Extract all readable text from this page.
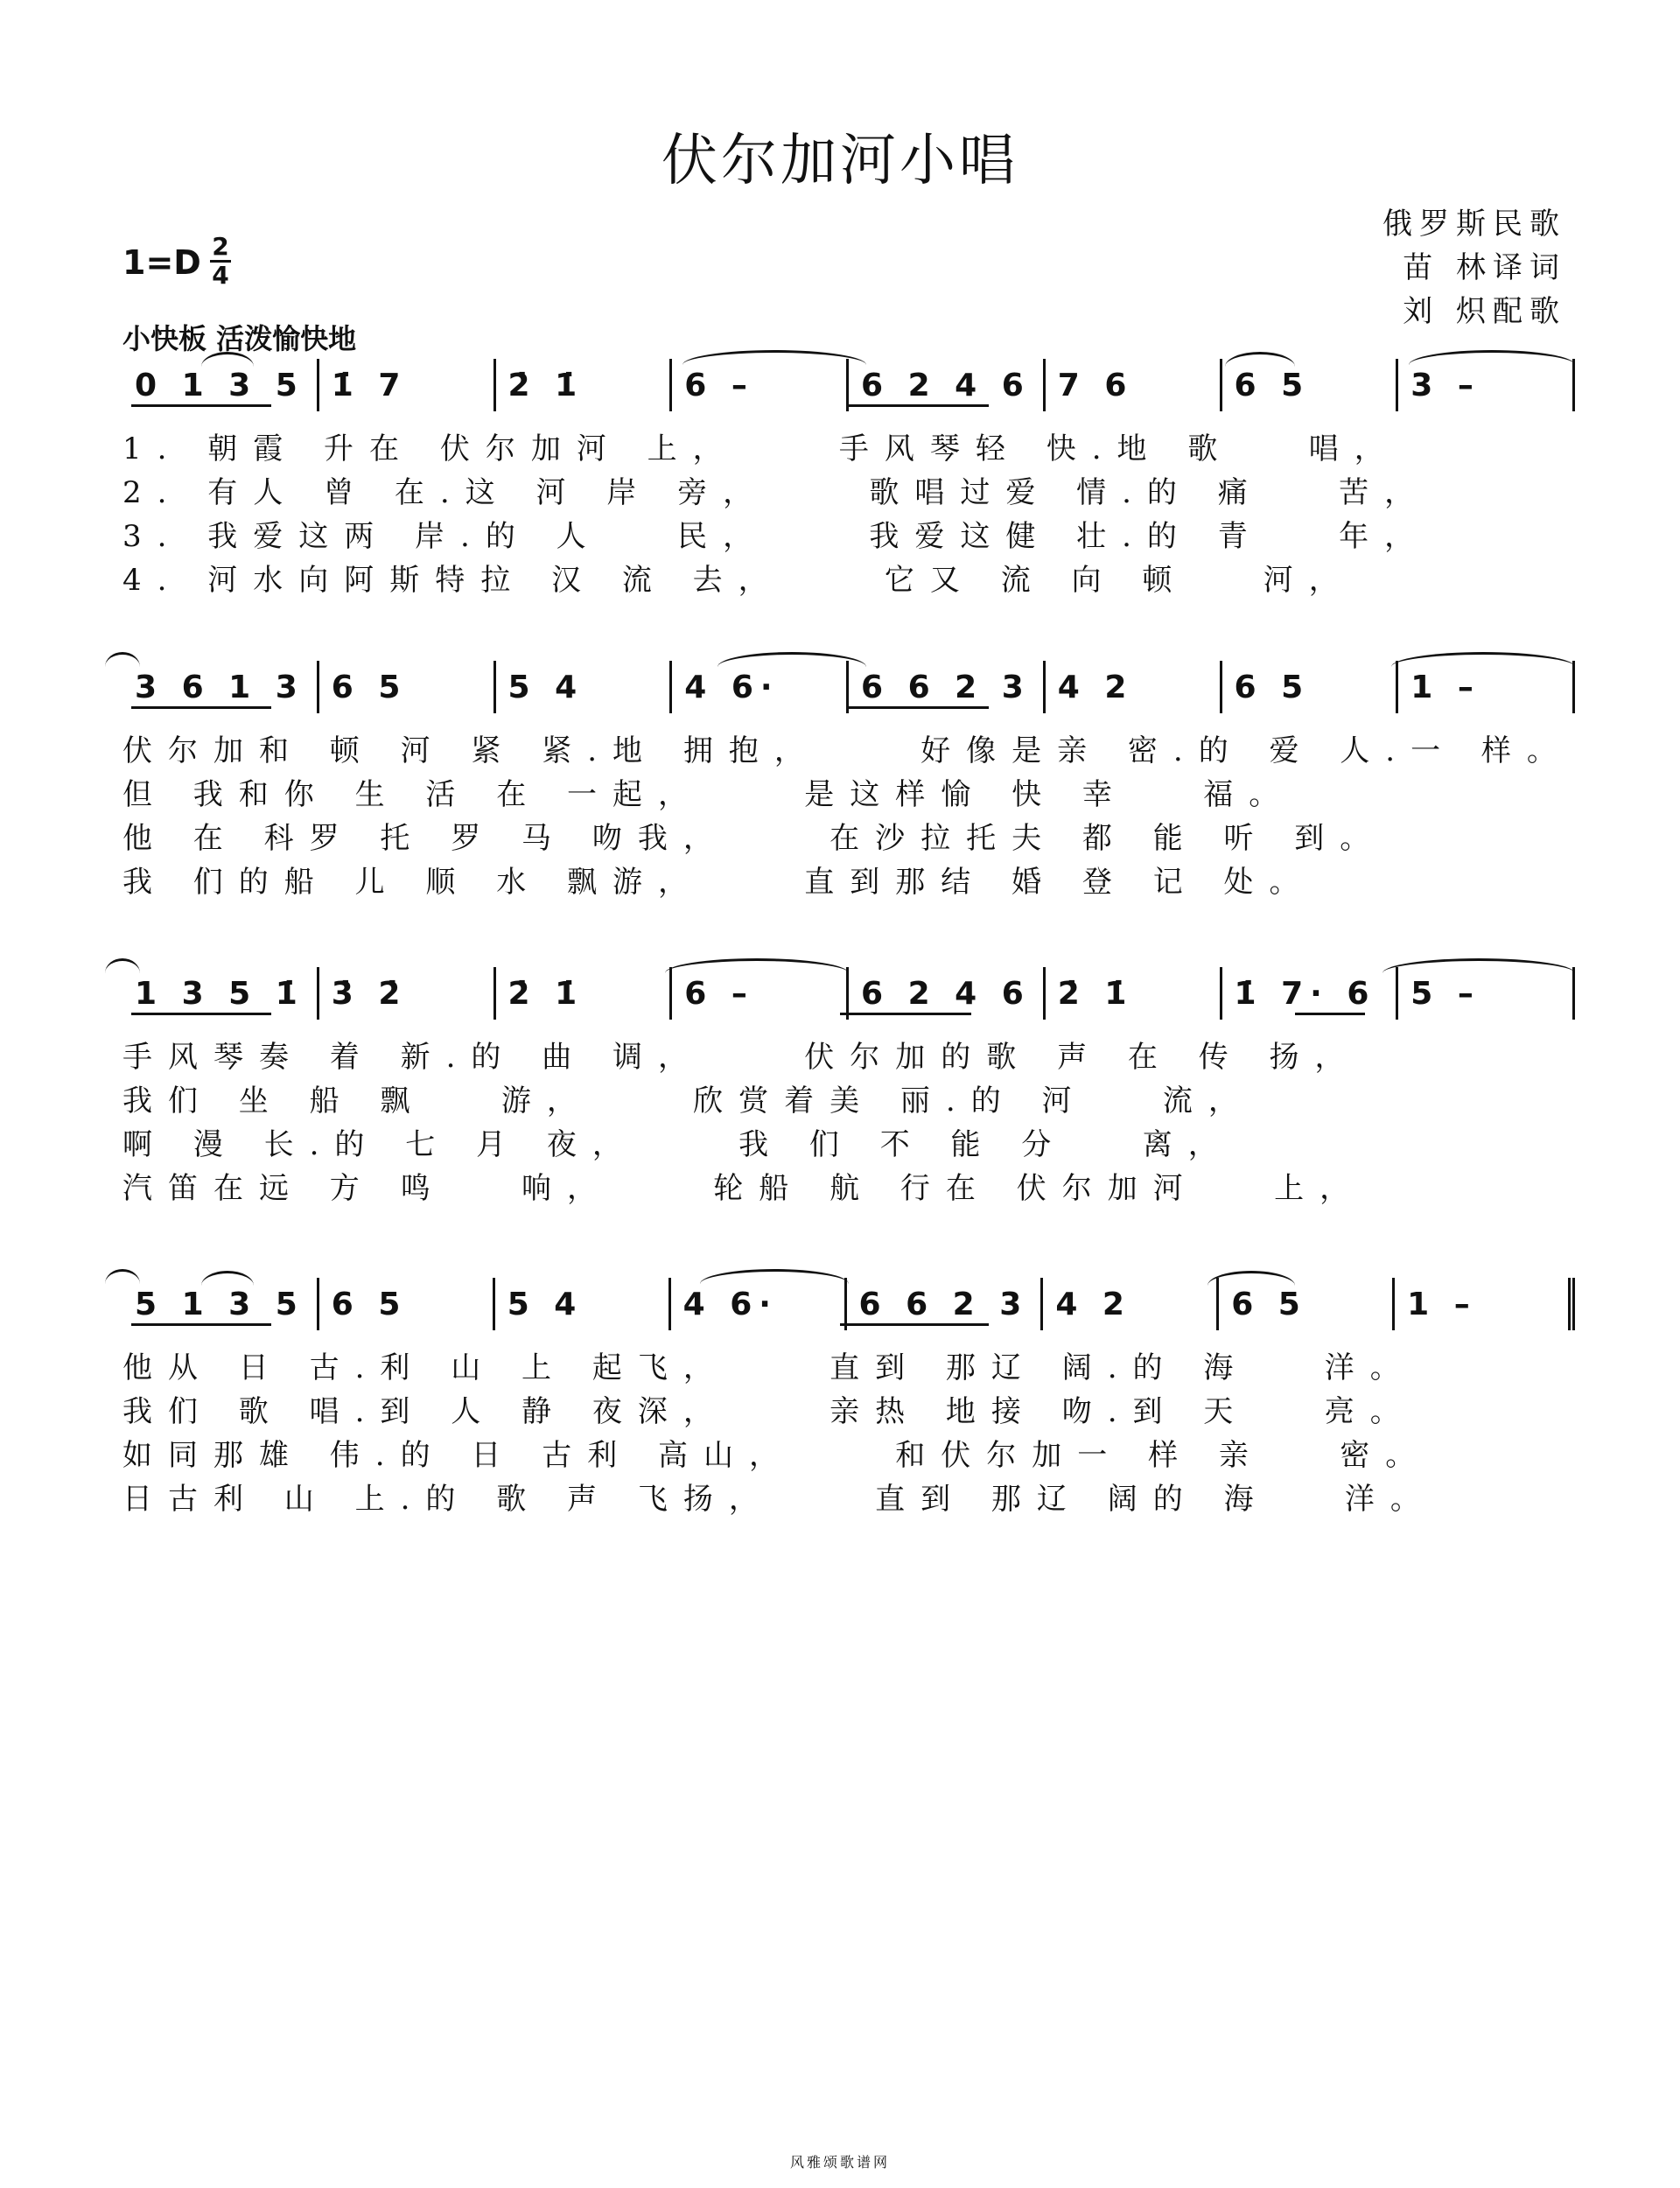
伏尔加河小唱
俄罗斯民歌
苗 林译词
刘 炽配歌
1=D 2
4
小快板 活泼愉快地
0 1 3 5 1̇ 7	2̇ 1̇	6 –	6 2 4 6 7 6	6 5	3 –
1. 朝霞 升在 伏尔加河 上，    手风琴轻 快.地 歌   唱，
2. 有人 曾 在.这 河 岸 旁，    歌唱过爱 情.的 痛   苦，
3. 我爱这两 岸.的 人   民，    我爱这健 壮.的 青   年，
4. 河水向阿斯特拉 汉 流 去，    它又 流 向 顿   河，
3 6 1 3 6 5	5 4	4 6·	6 6 2 3 4 2	6 5	1 –
伏尔加和 顿 河 紧 紧.地 拥抱，    好像是亲 密.的 爱 人.一 样。
但 我和你 生 活 在 一起，    是这样愉 快 幸   福。
他 在 科罗 托 罗 马 吻我，    在沙拉托夫 都 能 听 到。
我 们的船 儿 顺 水 飘游，    直到那结 婚 登 记 处。
1 3 5 1̇ 3̇ 2̇	2̇ 1̇	6 –	6 2 4 6 2̇ 1̇	1̇ 7· 6	5 –
手风琴奏 着 新.的 曲 调，    伏尔加的歌 声 在 传 扬，
我们 坐 船 飘   游，    欣赏着美 丽.的 河   流，
啊 漫 长.的 七 月 夜，    我 们 不 能 分   离，
汽笛在远 方 鸣   响，    轮船 航 行在 伏尔加河   上，
5 1 3 5 6 5	5 4	4 6·	6 6 2 3 4 2	6 5	1 –
他从 日 古.利 山 上 起飞，    直到 那辽 阔.的 海   洋。
我们 歌 唱.到 人 静 夜深，    亲热 地接 吻.到 天   亮。
如同那雄 伟.的 日 古利 高山，    和伏尔加一 样 亲   密。
日古利 山 上.的 歌 声 飞扬，    直到 那辽 阔的 海   洋。
风雅颂歌谱网
